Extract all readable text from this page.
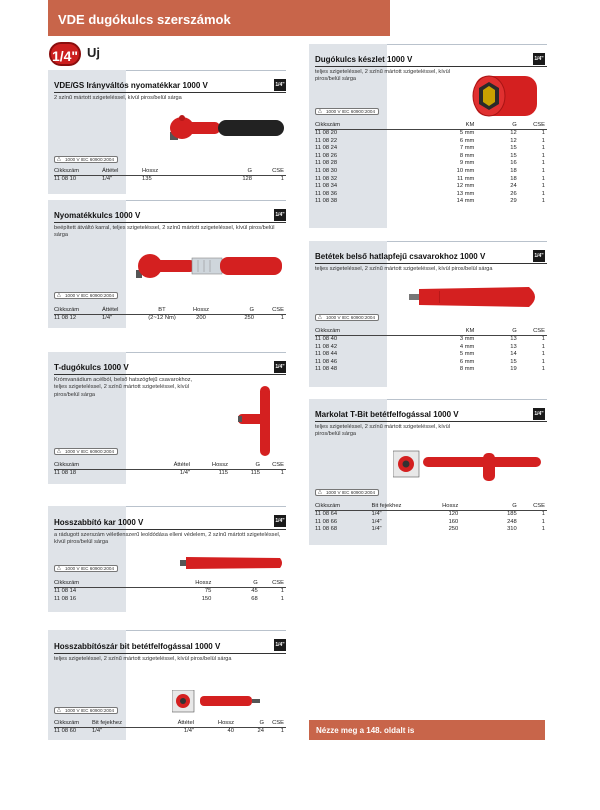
VDE dugókulcs szerszámok
1/4" Uj
VDE/GS Irányváltós nyomatékkar 1000 V	1/4"
2 színű mártott szigeteléssel, kívül piros/belül sárga
△ 1000 V IEC 60900:2004
Cikkszám	Áttétel	Hossz	G	CSE
11 08 10	1/4"	135	128	1
Nyomatékkulcs 1000 V	1/4"
beépített átváltó karral, teljes szigeteléssel, 2 színű mártott szigeteléssel, kívül piros/belül sárga
△ 1000 V IEC 60900:2004
Cikkszám	Áttétel	BT	Hossz	G	CSE
11 08 12	1/4"	(2~12 Nm)	200	250	1
T-dugókulcs 1000 V	1/4"
Krómvanádium acélból, belső hatszögfejű csavarokhoz, teljes szigeteléssel, 2 színű mártott szigeteléssel, kívül piros/belül sárga
△ 1000 V IEC 60900:2004
Cikkszám	Áttétel	Hossz	G	CSE
11 08 18	1/4"	115	115	1
Hosszabbító kar 1000 V	1/4"
a rádugott szerszám véletlenszerű leoldódása elleni védelem, 2 színű mártott szigeteléssel, kívül piros/belül sárga
△ 1000 V IEC 60900:2004
Cikkszám	Hossz	G	CSE
11 08 14	75	45	1
11 08 16	150	68	1
Hosszabbítószár bit betétfelfogással 1000 V	1/4"
teljes szigeteléssel, 2 színű mártott szigeteléssel, kívül piros/belül sárga
△ 1000 V IEC 60900:2004
Cikkszám	Bit fejekhez	Áttétel	Hossz	G	CSE
11 08 60	1/4"	1/4"	40	24	1
Dugókulcs készlet 1000 V	1/4"
teljes szigeteléssel, 2 színű mártott szigeteléssel, kívül piros/belül sárga
△ 1000 V IEC 60900:2004
Cikkszám	KM	G	CSE
11 08 20	5 mm	12	1
11 08 22	6 mm	12	1
11 08 24	7 mm	15	1
11 08 26	8 mm	15	1
11 08 28	9 mm	16	1
11 08 30	10 mm	18	1
11 08 32	11 mm	18	1
11 08 34	12 mm	24	1
11 08 36	13 mm	26	1
11 08 38	14 mm	29	1
Betétek belső hatlapfejű csavarokhoz 1000 V	1/4"
teljes szigeteléssel, 2 színű mártott szigeteléssel, kívül piros/belül sárga
△ 1000 V IEC 60900:2004
Cikkszám	KM	G	CSE
11 08 40	3 mm	13	1
11 08 42	4 mm	13	1
11 08 44	5 mm	14	1
11 08 46	6 mm	15	1
11 08 48	8 mm	19	1
Markolat T-Bit betétfelfogással 1000 V	1/4"
teljes szigeteléssel, 2 színű mártott szigeteléssel, kívül piros/belül sárga
△ 1000 V IEC 60900:2004
Cikkszám	Bit fejekhez	Hossz	G	CSE
11 08 64	1/4"	120	185	1
11 08 66	1/4"	160	248	1
11 08 68	1/4"	250	310	1
Nézze meg a 148. oldalt is
